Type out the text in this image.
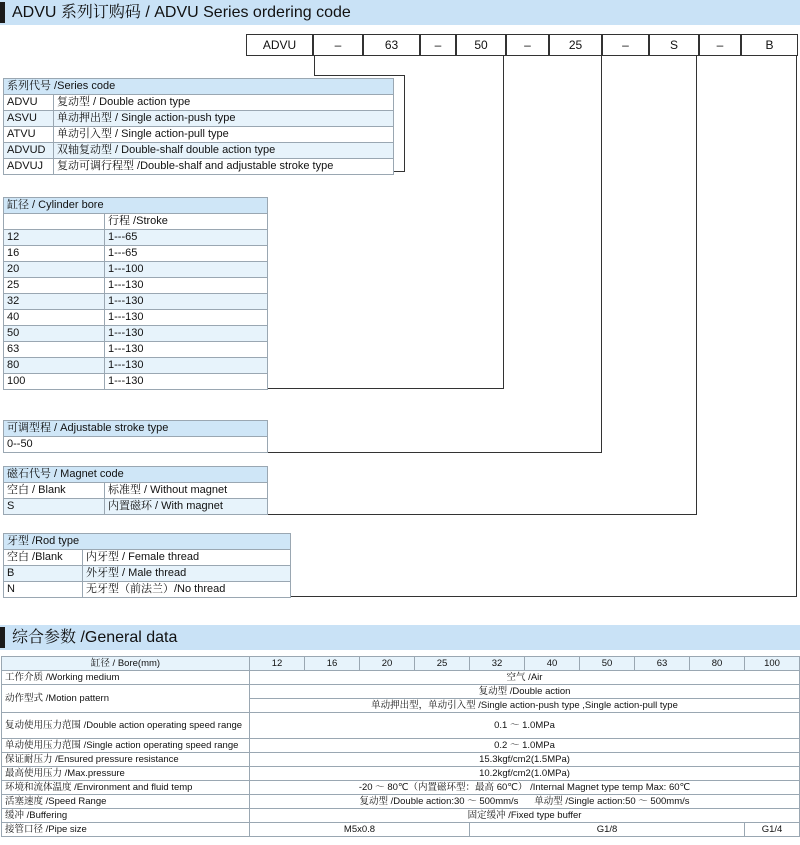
ADVU 系列订购码 / ADVU Series ordering code
ADVU	–	63	–	50	–	25	–	S	–	B
系列代号 /Series code	
ADVU	复动型 / Double action type
ASVU	单动押出型 / Single action-push type
ATVU	单动引入型 / Single action-pull type
ADVUD	双轴复动型 / Double-shalf double action type
ADVUJ	复动可调行程型 /Double-shalf and adjustable stroke type
缸径 / Cylinder bore	
	行程 /Stroke
12	1---65
16	1---65
20	1---100
25	1---130
32	1---130
40	1---130
50	1---130
63	1---130
80	1---130
100	1---130
可调型程 / Adjustable stroke type
0--50
磁石代号 / Magnet code	
空白 / Blank	标准型 / Without magnet
S	内置磁环 / With magnet
牙型 /Rod type	
空白 /Blank	内牙型 / Female thread
B	外牙型 / Male thread
N	无牙型（前法兰）/No thread
综合参数 /General data
缸径 / Bore(mm)	12	16	20	25	32	40	50	63	80	100
工作介质 /Working medium	空气 /Air									
动作型式 /Motion pattern	复动型 /Double action									
	单动押出型，单动引入型 /Single action-push type ,Single action-pull type									
复动使用压力范围 /Double action operating speed range	0.1 ～ 1.0MPa									
单动使用压力范围 /Single action operating speed range	0.2 ～ 1.0MPa									
保证耐压力 /Ensured pressure resistance	15.3kgf/cm2(1.5MPa)									
最高使用压力 /Max.pressure	10.2kgf/cm2(1.0MPa)									
环境和流体温度 /Environment and fluid temp	-20 ～ 80℃（内置磁环型：最高 60℃） /Internal Magnet type temp Max: 60℃									
活塞速度 /Speed Range	复动型 /Double action:30 ～ 500mm/s      单动型 /Single action:50 ～ 500mm/s									
缓冲 /Buffering	固定缓冲 /Fixed type buffer									
接管口径 /Pipe size	M5x0.8				G1/8					G1/4
